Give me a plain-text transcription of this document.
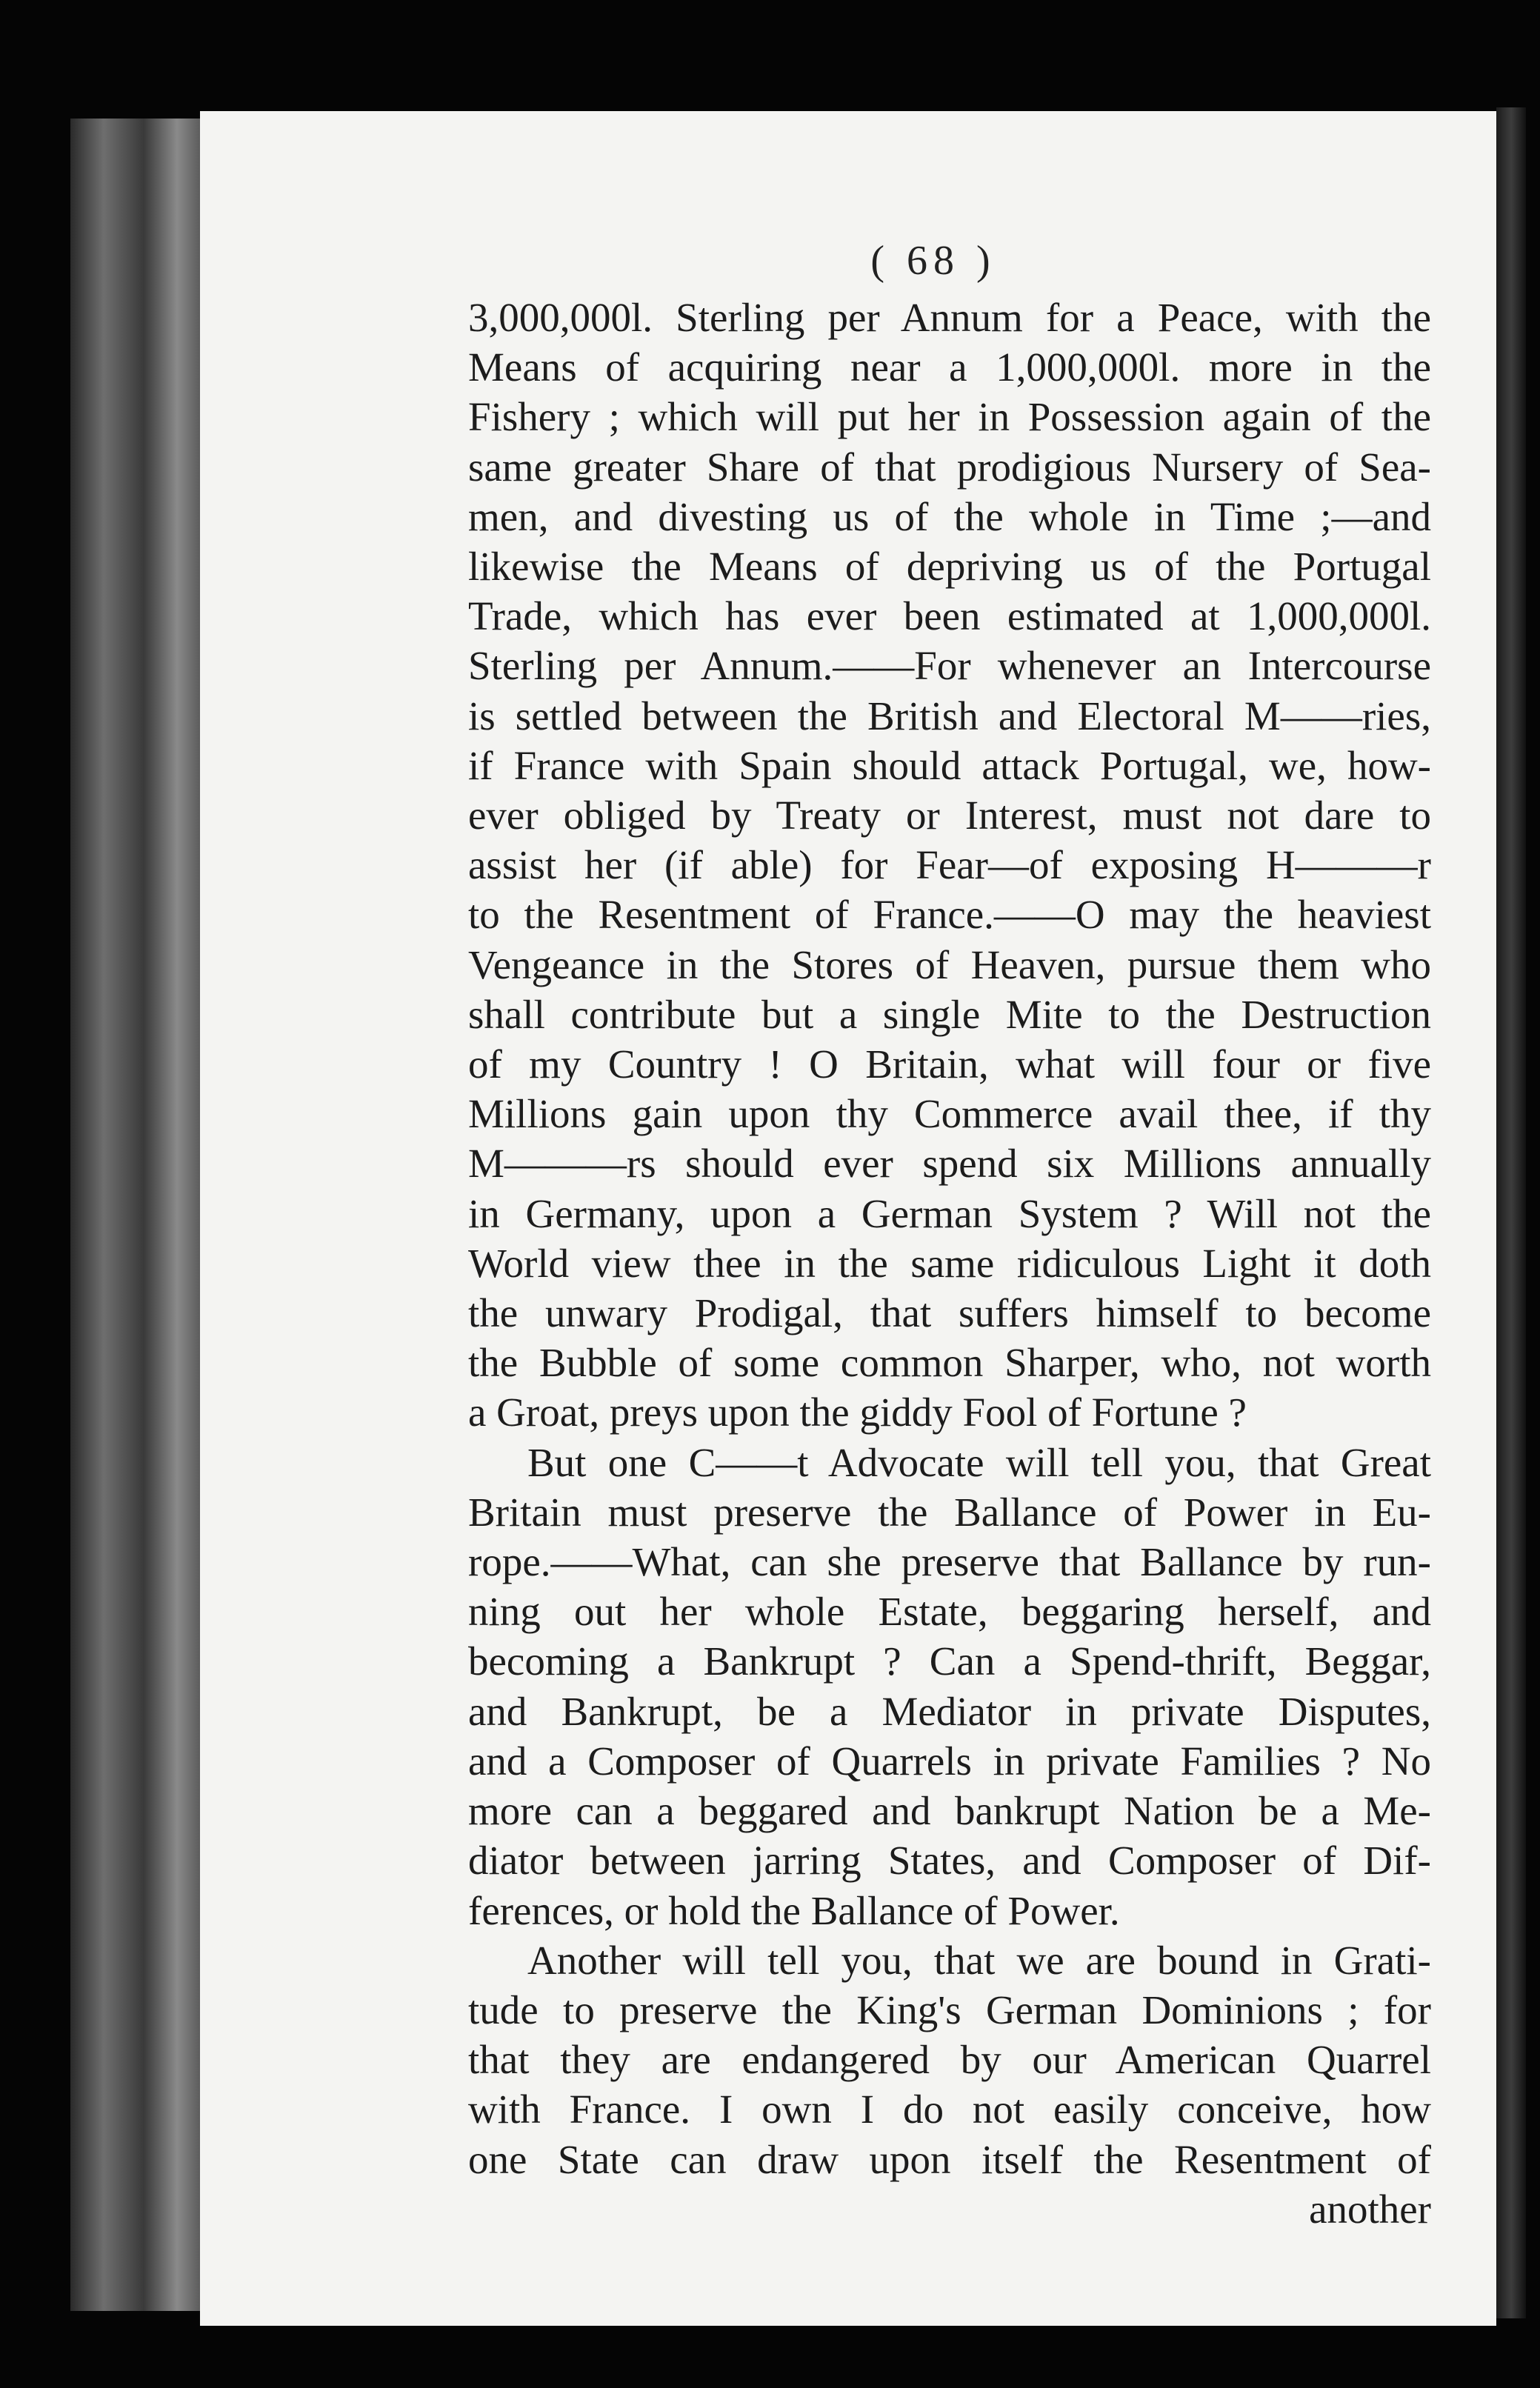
( 68 )
3,000,000l. Sterling per Annum for a Peace, with the
Means of acquiring near a 1,000,000l. more in the
Fishery ; which will put her in Possession again of the
same greater Share of that prodigious Nursery of Sea-
men, and divesting us of the whole in Time ;—and
likewise the Means of depriving us of the Portugal
Trade, which has ever been estimated at 1,000,000l.
Sterling per Annum.——For whenever an Intercourse
is settled between the British and Electoral M——ries,
if France with Spain should attack Portugal, we, how-
ever obliged by Treaty or Interest, must not dare to
assist her (if able) for Fear—of exposing H———r
to the Resentment of France.——O may the heaviest
Vengeance in the Stores of Heaven, pursue them who
shall contribute but a single Mite to the Destruction
of my Country ! O Britain, what will four or five
Millions gain upon thy Commerce avail thee, if thy
M———rs should ever spend six Millions annually
in Germany, upon a German System ? Will not the
World view thee in the same ridiculous Light it doth
the unwary Prodigal, that suffers himself to become
the Bubble of some common Sharper, who, not worth
a Groat, preys upon the giddy Fool of Fortune ?
But one C——t Advocate will tell you, that Great
Britain must preserve the Ballance of Power in Eu-
rope.——What, can she preserve that Ballance by run-
ning out her whole Estate, beggaring herself, and
becoming a Bankrupt ? Can a Spend-thrift, Beggar,
and Bankrupt, be a Mediator in private Disputes,
and a Composer of Quarrels in private Families ? No
more can a beggared and bankrupt Nation be a Me-
diator between jarring States, and Composer of Dif-
ferences, or hold the Ballance of Power.
Another will tell you, that we are bound in Grati-
tude to preserve the King's German Dominions ; for
that they are endangered by our American Quarrel
with France. I own I do not easily conceive, how
one State can draw upon itself the Resentment of
another
